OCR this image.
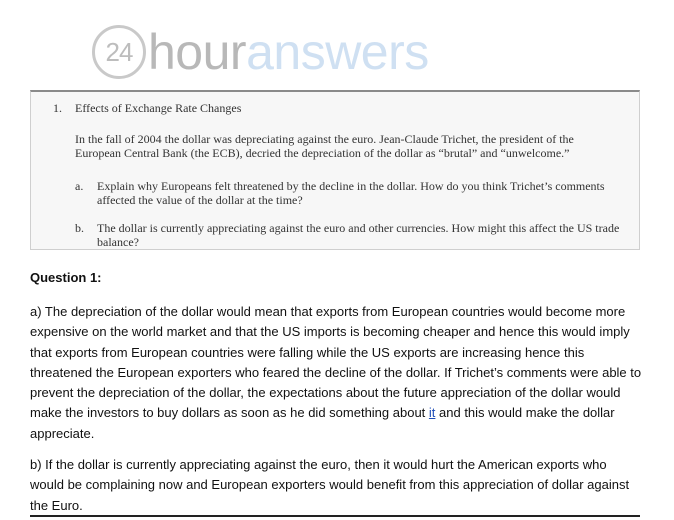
24 houranswers
1. Effects of Exchange Rate Changes
In the fall of 2004 the dollar was depreciating against the euro. Jean-Claude Trichet, the president of the European Central Bank (the ECB), decried the depreciation of the dollar as “brutal” and “unwelcome.”
a.	Explain why Europeans felt threatened by the decline in the dollar. How do you think Trichet’s comments affected the value of the dollar at the time?
b.	The dollar is currently appreciating against the euro and other currencies. How might this affect the US trade balance?
Question 1:
a) The depreciation of the dollar would mean that exports from European countries would become more expensive on the world market and that the US imports is becoming cheaper and hence this would imply that exports from European countries were falling while the US exports are increasing hence this threatened the European exporters who feared the decline of the dollar. If Trichet’s comments were able to prevent the depreciation of the dollar, the expectations about the future appreciation of the dollar would make the investors to buy dollars as soon as he did something about it and this would make the dollar appreciate.
b) If the dollar is currently appreciating against the euro, then it would hurt the American exports who would be complaining now and European exporters would benefit from this appreciation of dollar against the Euro.
